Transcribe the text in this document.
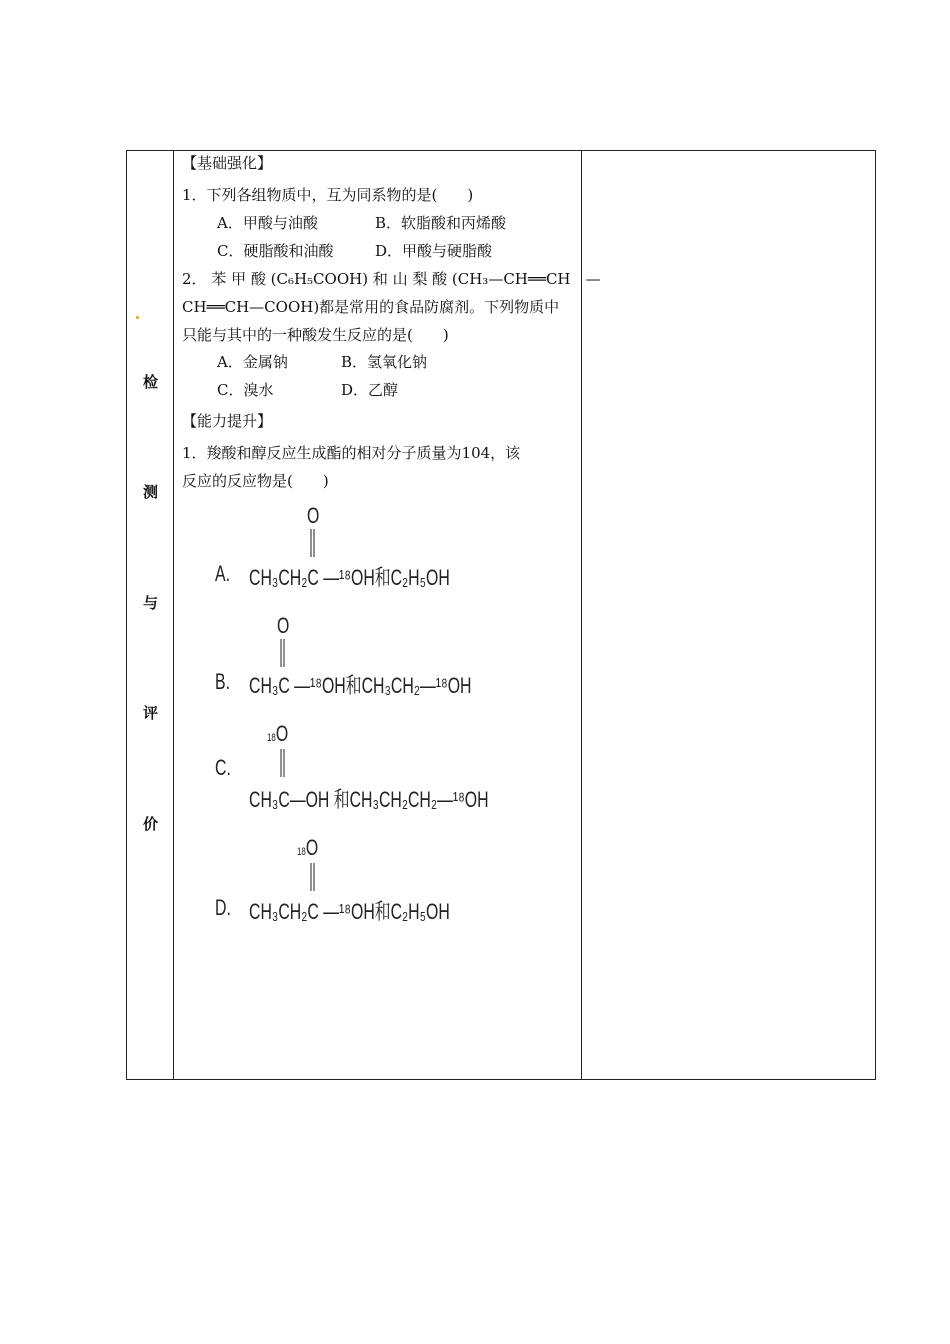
检
测
与
评
价
【基础强化】
1．下列各组物质中，互为同系物的是(　　)
A．甲酸与油酸	B．软脂酸和丙烯酸
C．硬脂酸和油酸	D．甲酸与硬脂酸
2． 苯 甲 酸 (C₆H₅COOH) 和 山 梨 酸 (CH₃—CH══CH　—
CH══CH—COOH)都是常用的食品防腐剂。下列物质中
只能与其中的一种酸发生反应的是(　　)
A．金属钠	B．氢氧化钠
C．溴水	D．乙醇
【能力提升】
1．羧酸和醇反应生成酯的相对分子质量为104，该
反应的反应物是(　　)
O
A. CH₃CH₂C —¹⁸OH和C₂H₅OH
O
B. CH₃C —¹⁸OH和CH₃CH₂—¹⁸OH
18O
C.
CH₃C—OH 和CH₃CH₂CH₂—¹⁸OH
18O
D. CH₃CH₂C —¹⁸OH和C₂H₅OH
